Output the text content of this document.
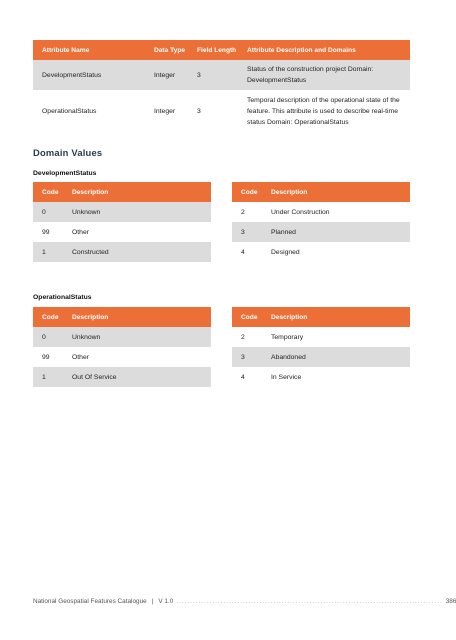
Attribute Name	Data Type	Field Length	Attribute Description and Domains
DevelopmentStatus	Integer	3	Status of the construction project Domain: DevelopmentStatus
OperationalStatus	Integer	3	Temporal description of the operational state of the feature. This attribute is used to describe real-time status Domain: OperationalStatus
Domain Values
DevelopmentStatus
Code	Description
0	Unknown
99	Other
1	Constructed
Code	Description
2	Under Construction
3	Planned
4	Designed
OperationalStatus
Code	Description
0	Unknown
99	Other
1	Out Of Service
Code	Description
2	Temporary
3	Abandoned
4	In Service
National Geospatial Features Catalogue | V 1.0 ................................................................................................ 386
